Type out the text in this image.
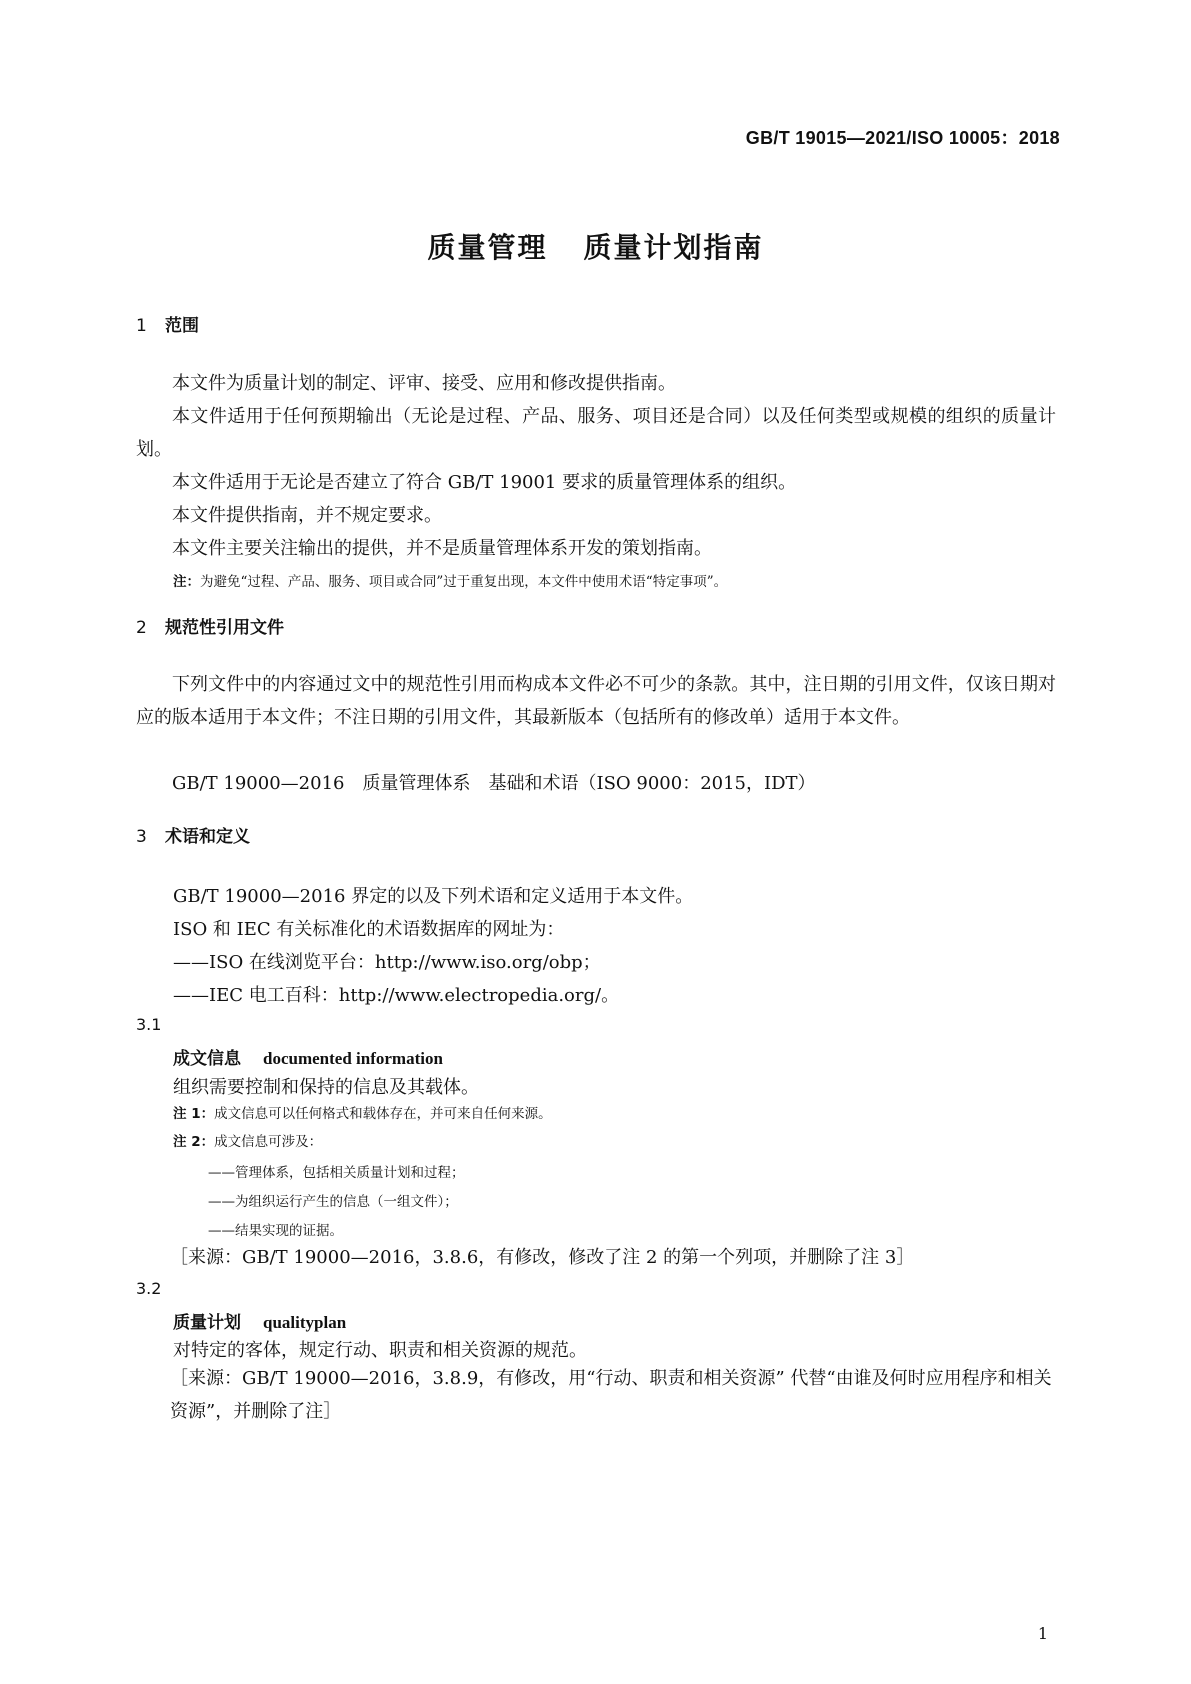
GB/T 19015—2021/ISO 10005：2018
质量管理 质量计划指南
1 范围
本文件为质量计划的制定、评审、接受、应用和修改提供指南。
本文件适用于任何预期输出（无论是过程、产品、服务、项目还是合同）以及任何类型或规模的组织的质量计划。
本文件适用于无论是否建立了符合 GB/T 19001 要求的质量管理体系的组织。
本文件提供指南，并不规定要求。
本文件主要关注输出的提供，并不是质量管理体系开发的策划指南。
注：为避免“过程、产品、服务、项目或合同”过于重复出现，本文件中使用术语“特定事项”。
2 规范性引用文件
下列文件中的内容通过文中的规范性引用而构成本文件必不可少的条款。其中，注日期的引用文件，仅该日期对应的版本适用于本文件；不注日期的引用文件，其最新版本（包括所有的修改单）适用于本文件。
GB/T 19000—2016　质量管理体系　基础和术语（ISO 9000：2015，IDT）
3 术语和定义
GB/T 19000—2016 界定的以及下列术语和定义适用于本文件。
ISO 和 IEC 有关标准化的术语数据库的网址为：
——ISO 在线浏览平台：http://www.iso.org/obp；
——IEC 电工百科：http://www.electropedia.org/。
3.1
成文信息 documented information
组织需要控制和保持的信息及其载体。
注 1：成文信息可以任何格式和载体存在，并可来自任何来源。
注 2：成文信息可涉及：
——管理体系，包括相关质量计划和过程；
——为组织运行产生的信息（一组文件）；
——结果实现的证据。
［来源：GB/T 19000—2016，3.8.6，有修改，修改了注 2 的第一个列项，并删除了注 3］
3.2
质量计划 qualityplan
对特定的客体，规定行动、职责和相关资源的规范。
［来源：GB/T 19000—2016，3.8.9，有修改，用“行动、职责和相关资源” 代替“由谁及何时应用程序和相关资源”，并删除了注］
1
